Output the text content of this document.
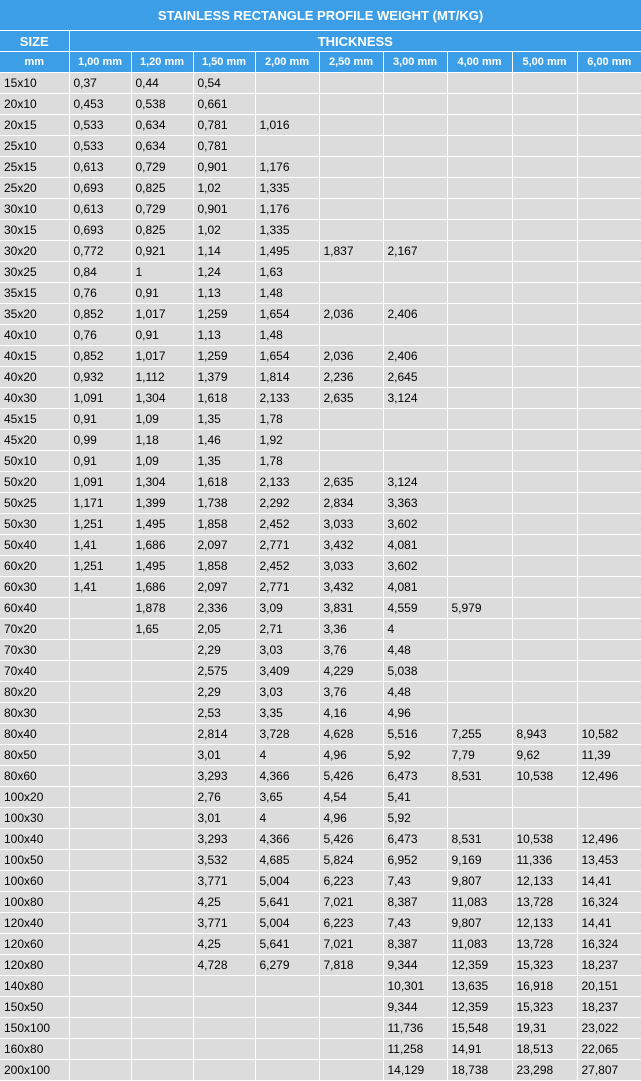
STAINLESS RECTANGLE PROFILE WEIGHT (MT/KG)									
SIZE	THICKNESS								
mm	1,00 mm	1,20 mm	1,50 mm	2,00 mm	2,50 mm	3,00 mm	4,00 mm	5,00 mm	6,00 mm
15x10	0,37	0,44	0,54						
20x10	0,453	0,538	0,661						
20x15	0,533	0,634	0,781	1,016					
25x10	0,533	0,634	0,781						
25x15	0,613	0,729	0,901	1,176					
25x20	0,693	0,825	1,02	1,335					
30x10	0,613	0,729	0,901	1,176					
30x15	0,693	0,825	1,02	1,335					
30x20	0,772	0,921	1,14	1,495	1,837	2,167			
30x25	0,84	1	1,24	1,63					
35x15	0,76	0,91	1,13	1,48					
35x20	0,852	1,017	1,259	1,654	2,036	2,406			
40x10	0,76	0,91	1,13	1,48					
40x15	0,852	1,017	1,259	1,654	2,036	2,406			
40x20	0,932	1,112	1,379	1,814	2,236	2,645			
40x30	1,091	1,304	1,618	2,133	2,635	3,124			
45x15	0,91	1,09	1,35	1,78					
45x20	0,99	1,18	1,46	1,92					
50x10	0,91	1,09	1,35	1,78					
50x20	1,091	1,304	1,618	2,133	2,635	3,124			
50x25	1,171	1,399	1,738	2,292	2,834	3,363			
50x30	1,251	1,495	1,858	2,452	3,033	3,602			
50x40	1,41	1,686	2,097	2,771	3,432	4,081			
60x20	1,251	1,495	1,858	2,452	3,033	3,602			
60x30	1,41	1,686	2,097	2,771	3,432	4,081			
60x40		1,878	2,336	3,09	3,831	4,559	5,979		
70x20		1,65	2,05	2,71	3,36	4			
70x30			2,29	3,03	3,76	4,48			
70x40			2,575	3,409	4,229	5,038			
80x20			2,29	3,03	3,76	4,48			
80x30			2,53	3,35	4,16	4,96			
80x40			2,814	3,728	4,628	5,516	7,255	8,943	10,582
80x50			3,01	4	4,96	5,92	7,79	9,62	11,39
80x60			3,293	4,366	5,426	6,473	8,531	10,538	12,496
100x20			2,76	3,65	4,54	5,41			
100x30			3,01	4	4,96	5,92			
100x40			3,293	4,366	5,426	6,473	8,531	10,538	12,496
100x50			3,532	4,685	5,824	6,952	9,169	11,336	13,453
100x60			3,771	5,004	6,223	7,43	9,807	12,133	14,41
100x80			4,25	5,641	7,021	8,387	11,083	13,728	16,324
120x40			3,771	5,004	6,223	7,43	9,807	12,133	14,41
120x60			4,25	5,641	7,021	8,387	11,083	13,728	16,324
120x80			4,728	6,279	7,818	9,344	12,359	15,323	18,237
140x80						10,301	13,635	16,918	20,151
150x50						9,344	12,359	15,323	18,237
150x100						11,736	15,548	19,31	23,022
160x80						11,258	14,91	18,513	22,065
200x100						14,129	18,738	23,298	27,807
